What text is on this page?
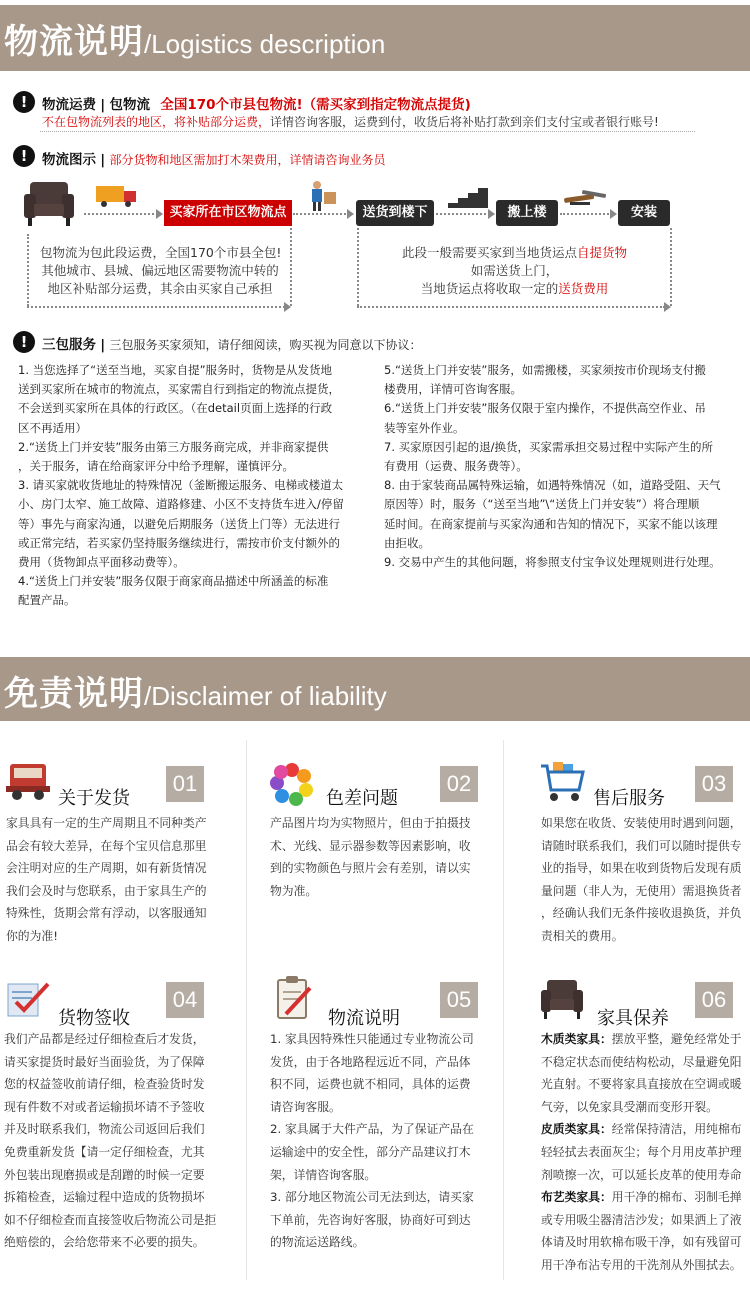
物流说明/Logistics description
!	物流运费 | 包物流 全国170个市县包物流!（需买家到指定物流点提货)
不在包物流列表的地区，将补贴部分运费，详情咨询客服，运费到付，收货后将补贴打款到亲们支付宝或者银行账号!
!	物流图示 | 部分货物和地区需加打木架费用，详情请咨询业务员
买家所在市区物流点	送货到楼下	搬上楼	安装
包物流为包此段运费，全国170个市县全包!
其他城市、县城、偏远地区需要物流中转的
地区补贴部分运费，其余由买家自己承担
此段一般需要买家到当地货运点自提货物
如需送货上门，
当地货运点将收取一定的送货费用
!	三包服务 | 三包服务买家须知，请仔细阅读，购买视为同意以下协议：

1. 当您选择了“送至当地，买家自提”服务时，货物是从发货地

送到买家所在城市的物流点，买家需自行到指定的物流点提货，

不会送到买家所在具体的行政区。（在detail页面上选择的行政

区不再适用）

2.“送货上门并安装”服务由第三方服务商完成，并非商家提供

，关于服务，请在给商家评分中给予理解，谨慎评分。

3. 请买家就收货地址的特殊情况（釜断搬运服务、电梯或楼道太

小、房门太窄、施工故障、道路修建、小区不支持货车进入/停留

等）事先与商家沟通，以避免后期服务（送货上门等）无法进行

或正常完结，若买家仍坚持服务继续进行，需按市价支付额外的

费用（货物卸点平面移动费等）。

4.“送货上门并安装”服务仅限于商家商品描述中所涵盖的标准

配置产品。

5.“送货上门并安装”服务，如需搬楼，买家须按市价现场支付搬

楼费用，详情可咨询客服。

6.“送货上门并安装”服务仅限于室内操作，不提供高空作业、吊

装等室外作业。

7. 买家原因引起的退/换货，买家需承担交易过程中实际产生的所

有费用（运费、服务费等）。

8. 由于家装商品属特殊运输，如遇特殊情况（如，道路受阻、天气

原因等）时，服务（“送至当地”\“送货上门并安装”）将合理顺

延时间。在商家提前与买家沟通和告知的情况下，买家不能以该理

由拒收。

9. 交易中产生的其他问题，将参照支付宝争议处理规则进行处理。

免责说明/Disclaimer of liability
关于发货
01
家具具有一定的生产周期且不同种类产
品会有较大差异，在每个宝贝信息那里
会注明对应的生产周期，如有新货情况
我们会及时与您联系，由于家具生产的
特殊性，货期会常有浮动，以客服通知
你的为准!
色差问题
02
产品图片均为实物照片，但由于拍摄技
术、光线、显示器参数等因素影响，收
到的实物颜色与照片会有差别，请以实
物为准。
售后服务
03
如果您在收货、安装使用时遇到问题，
请随时联系我们，我们可以随时提供专
业的指导，如果在收到货物后发现有质
量问题（非人为，无使用）需退换货者
，经确认我们无条件接收退换货，并负
责相关的费用。
货物签收
04
我们产品都是经过仔细检查后才发货，
请买家提货时最好当面验货，为了保障
您的权益签收前请仔细，检查验货时发
现有件数不对或者运输损坏请不予签收
并及时联系我们，物流公司返回后我们
免费重新发货【请一定仔细检查，尤其
外包装出现磨损或是刮蹭的时候一定要
拆箱检查，运输过程中造成的货物损坏
如不仔细检查而直接签收后物流公司是拒
绝赔偿的，会给您带来不必要的损失。
物流说明
05
1. 家具因特殊性只能通过专业物流公司
发货，由于各地路程远近不同，产品体
积不同，运费也就不相同，具体的运费
请咨询客服。
2. 家具属于大件产品，为了保证产品在
运输途中的安全性，部分产品建议打木
架，详情咨询客服。
3. 部分地区物流公司无法到达，请买家
下单前，先咨询好客服，协商好可到达
的物流运送路线。
家具保养
06
木质类家具：摆放平整，避免经常处于
不稳定状态而使结构松动，尽量避免阳
光直射。不要将家具直接放在空调或暖
气旁，以免家具受潮而变形开裂。
皮质类家具：经常保持清洁，用纯棉布
轻轻拭去表面灰尘；每个月用皮革护理
剂喷擦一次，可以延长皮革的使用寿命
布艺类家具：用干净的棉布、羽制毛掸
或专用吸尘器清洁沙发；如果洒上了液
体请及时用软棉布吸干净，如有残留可
用干净布沾专用的干洗剂从外围拭去。
